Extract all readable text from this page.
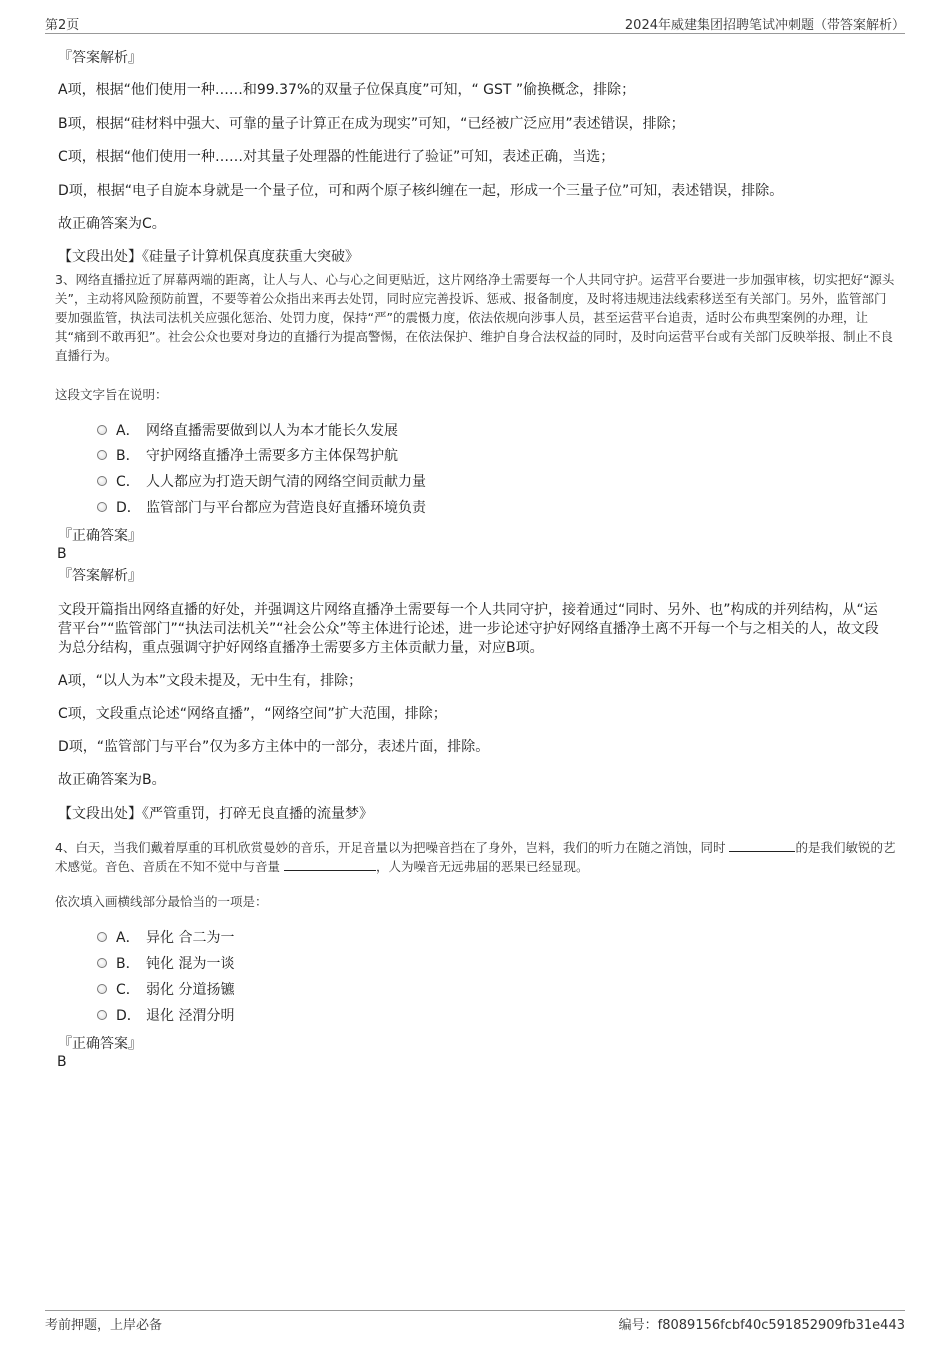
第2页	2024年威建集团招聘笔试冲刺题（带答案解析）
『答案解析』
A项，根据“他们使用一种……和99.37%的双量子位保真度”可知，“ GST ”偷换概念，排除；
B项，根据“硅材料中强大、可靠的量子计算正在成为现实”可知，“已经被广泛应用”表述错误，排除；
C项，根据“他们使用一种……对其量子处理器的性能进行了验证”可知，表述正确，当选；
D项，根据“电子自旋本身就是一个量子位，可和两个原子核纠缠在一起，形成一个三量子位”可知，表述错误，排除。
故正确答案为C。
【文段出处】《硅量子计算机保真度获重大突破》
3、网络直播拉近了屏幕两端的距离，让人与人、心与心之间更贴近，这片网络净土需要每一个人共同守护。运营平台要进一步加强审核，切实把好“源头关”，主动将风险预防前置，不要等着公众指出来再去处罚，同时应完善投诉、惩戒、报备制度，及时将违规违法线索移送至有关部门。另外，监管部门要加强监管，执法司法机关应强化惩治、处罚力度，保持“严”的震慑力度，依法依规向涉事人员，甚至运营平台追责，适时公布典型案例的办理，让其“痛到不敢再犯”。社会公众也要对身边的直播行为提高警惕，在依法保护、维护自身合法权益的同时，及时向运营平台或有关部门反映举报、制止不良直播行为。
这段文字旨在说明：
A． 网络直播需要做到以人为本才能长久发展
B． 守护网络直播净土需要多方主体保驾护航
C． 人人都应为打造天朗气清的网络空间贡献力量
D． 监管部门与平台都应为营造良好直播环境负责
『正确答案』
B
『答案解析』
文段开篇指出网络直播的好处，并强调这片网络直播净土需要每一个人共同守护，接着通过“同时、另外、也”构成的并列结构，从“运营平台”“监管部门”“执法司法机关”“社会公众”等主体进行论述，进一步论述守护好网络直播净土离不开每一个与之相关的人，故文段为总分结构，重点强调守护好网络直播净土需要多方主体贡献力量，对应B项。
A项，“以人为本”文段未提及，无中生有，排除；
C项，文段重点论述“网络直播”，“网络空间”扩大范围，排除；
D项，“监管部门与平台”仅为多方主体中的一部分，表述片面，排除。
故正确答案为B。
【文段出处】《严管重罚，打碎无良直播的流量梦》
4、白天，当我们戴着厚重的耳机欣赏曼妙的音乐，开足音量以为把噪音挡在了身外，岂料，我们的听力在随之消蚀，同时	的是我们敏锐的艺术感觉。音色、音质在不知不觉中与音量	，人为噪音无远弗届的恶果已经显现。
依次填入画横线部分最恰当的一项是：
A． 异化 合二为一
B． 钝化 混为一谈
C． 弱化 分道扬镳
D． 退化 泾渭分明
『正确答案』
B
考前押题，上岸必备	编号：f8089156fcbf40c591852909fb31e443
